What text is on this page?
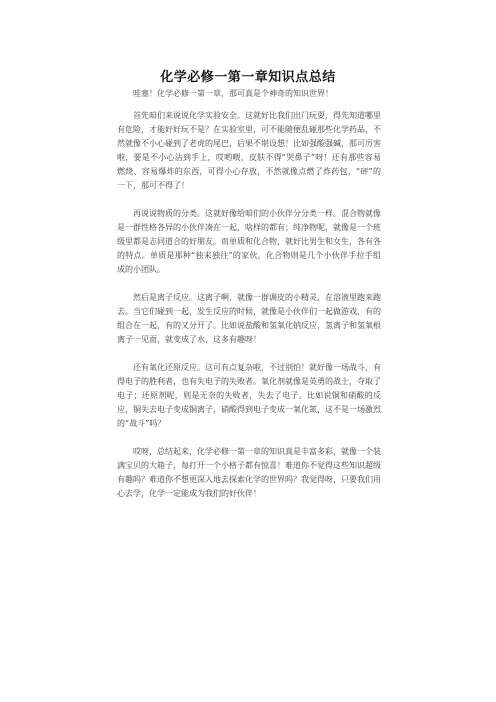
化学必修一第一章知识点总结

哇塞！化学必修一第一章，那可真是个神奇的知识世界！

首先咱们来说说化学实验安全。这就好比我们出门玩耍，得先知道哪里有危险，才能好好玩不是？在实验室里，可不能随便乱碰那些化学药品，不然就像不小心碰到了老虎的尾巴，后果不堪设想！比如强酸强碱，那可厉害啦，要是不小心沾到手上，哎哟喂，皮肤不得“哭鼻子”呀！还有那些容易燃烧、容易爆炸的东西，可得小心存放，不然就像点燃了炸药包，“砰”的一下，那可不得了！

再说说物质的分类。这就好像给咱们的小伙伴分分类一样。混合物就像是一群性格各异的小伙伴凑在一起，啥样的都有；纯净物呢，就像是一个班级里都是志同道合的好朋友。而单质和化合物，就好比男生和女生，各有各的特点。单质是那种“独来独往”的家伙，化合物则是几个小伙伴手拉手组成的小团队。

然后是离子反应。这离子啊，就像一群调皮的小精灵，在溶液里跑来跑去。当它们碰到一起，发生反应的时候，就像是小伙伴们一起做游戏，有的组合在一起，有的又分开了。比如说盐酸和氢氧化钠反应，氢离子和氢氧根离子一见面，就变成了水，这多有趣呀！

还有氧化还原反应。这可有点复杂啦，不过别怕！就好像一场战斗，有得电子的胜利者，也有失电子的失败者。氧化剂就像是英勇的战士，夺取了电子；还原剂呢，则是无奈的失败者，失去了电子。比如说铜和硝酸的反应，铜失去电子变成铜离子，硝酸得到电子变成一氧化氮，这不是一场激烈的“战斗”吗？

哎呀，总结起来，化学必修一第一章的知识真是丰富多彩，就像一个装满宝贝的大箱子，每打开一个小格子都有惊喜！难道你不觉得这些知识超级有趣吗？难道你不想更深入地去探索化学的世界吗？我觉得呀，只要我们用心去学，化学一定能成为我们的好伙伴！
